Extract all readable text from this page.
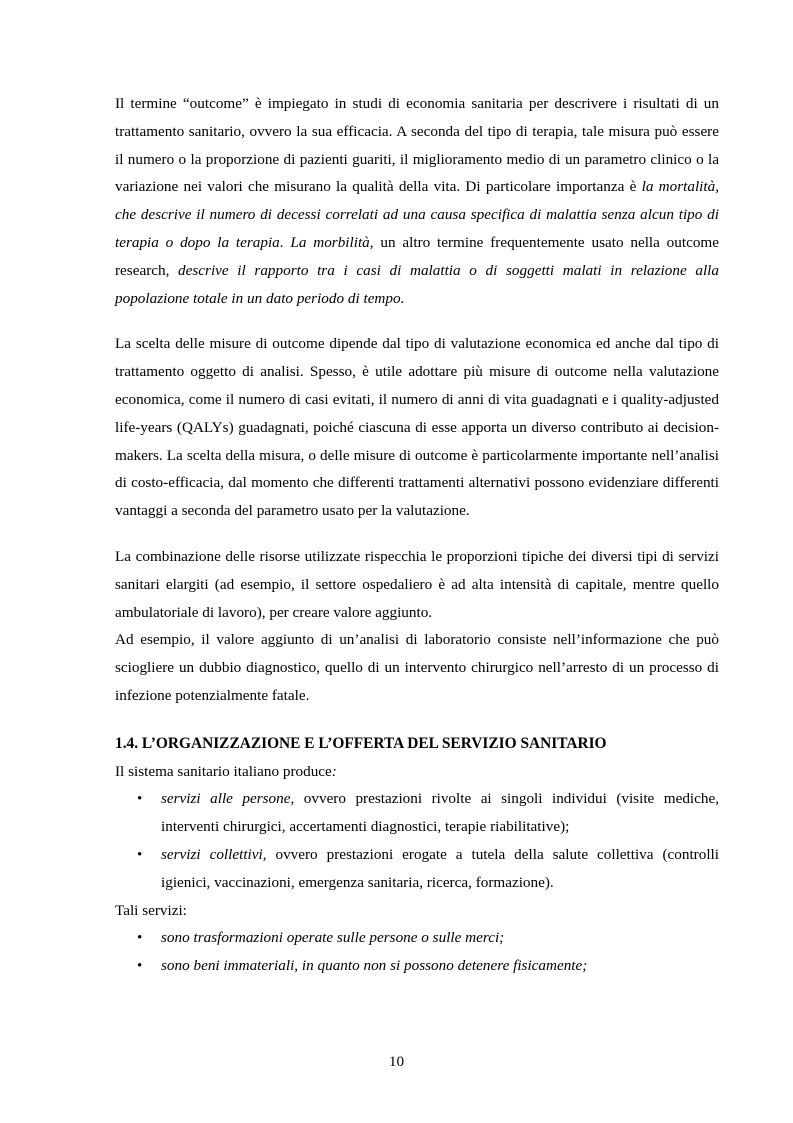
Il termine “outcome” è impiegato in studi di economia sanitaria per descrivere i risultati di un trattamento sanitario, ovvero la sua efficacia. A seconda del tipo di terapia, tale misura può essere il numero o la proporzione di pazienti guariti, il miglioramento medio di un parametro clinico o la variazione nei valori che misurano la qualità della vita. Di particolare importanza è la mortalità, che descrive il numero di decessi correlati ad una causa specifica di malattia senza alcun tipo di terapia o dopo la terapia. La morbilità, un altro termine frequentemente usato nella outcome research, descrive il rapporto tra i casi di malattia o di soggetti malati in relazione alla popolazione totale in un dato periodo di tempo.

La scelta delle misure di outcome dipende dal tipo di valutazione economica ed anche dal tipo di trattamento oggetto di analisi. Spesso, è utile adottare più misure di outcome nella valutazione economica, come il numero di casi evitati, il numero di anni di vita guadagnati e i quality-adjusted life-years (QALYs) guadagnati, poiché ciascuna di esse apporta un diverso contributo ai decision-makers. La scelta della misura, o delle misure di outcome è particolarmente importante nell’analisi di costo-efficacia, dal momento che differenti trattamenti alternativi possono evidenziare differenti vantaggi a seconda del parametro usato per la valutazione.

La combinazione delle risorse utilizzate rispecchia le proporzioni tipiche dei diversi tipi di servizi sanitari elargiti (ad esempio, il settore ospedaliero è ad alta intensità di capitale, mentre quello ambulatoriale di lavoro), per creare valore aggiunto.

Ad esempio, il valore aggiunto di un’analisi di laboratorio consiste nell’informazione che può sciogliere un dubbio diagnostico, quello di un intervento chirurgico nell’arresto di un processo di infezione potenzialmente fatale.

1.4. L’ORGANIZZAZIONE E L’OFFERTA DEL SERVIZIO SANITARIO
Il sistema sanitario italiano produce:
• servizi alle persone, ovvero prestazioni rivolte ai singoli individui (visite mediche, interventi chirurgici, accertamenti diagnostici, terapie riabilitative);
• servizi collettivi, ovvero prestazioni erogate a tutela della salute collettiva (controlli igienici, vaccinazioni, emergenza sanitaria, ricerca, formazione).
Tali servizi:
• sono trasformazioni operate sulle persone o sulle merci;
• sono beni immateriali, in quanto non si possono detenere fisicamente;
10
